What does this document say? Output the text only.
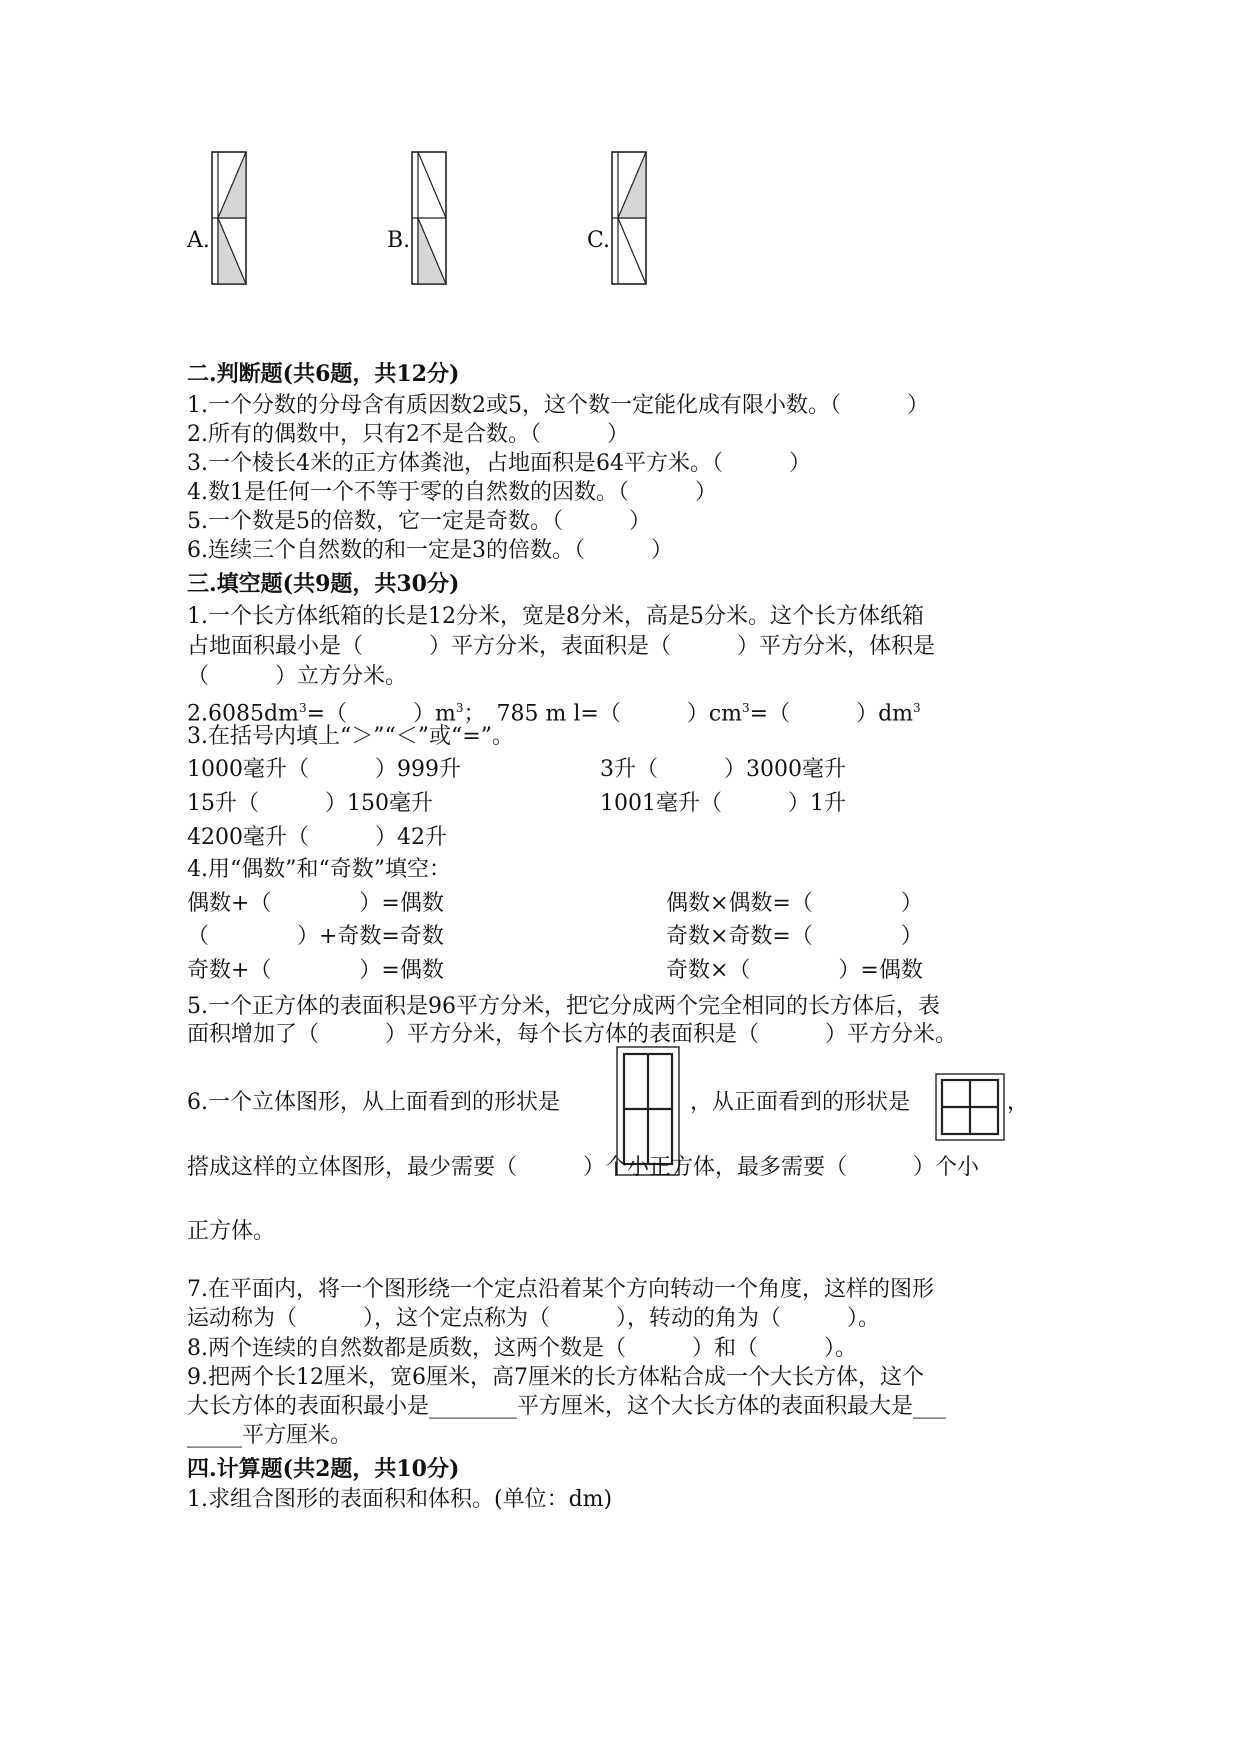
A.	B.	C.
二.判断题(共6题，共12分)
1.一个分数的分母含有质因数2或5，这个数一定能化成有限小数。（　　　）
2.所有的偶数中，只有2不是合数。（　　　）
3.一个棱长4米的正方体粪池，占地面积是64平方米。（　　　）
4.数1是任何一个不等于零的自然数的因数。（　　　）
5.一个数是5的倍数，它一定是奇数。（　　　）
6.连续三个自然数的和一定是3的倍数。（　　　）
三.填空题(共9题，共30分)
1.一个长方体纸箱的长是12分米，宽是8分米，高是5分米。这个长方体纸箱
占地面积最小是（　　　）平方分米，表面积是（　　　）平方分米，体积是
（　　　）立方分米。
$2.6085dm^3=$（　　　）$m^3$；　785 m l=（　　　）$cm^3=$（　　　）$dm^3$
3.在括号内填上“＞”“＜”或“=”。
1000毫升（　　　）999升	3升（　　　）3000毫升
15升（　　　）150毫升	1001毫升（　　　）1升
4200毫升（　　　）42升
4.用“偶数”和“奇数”填空：
偶数+（　　　　）=偶数	偶数×偶数=（　　　　）
（　　　　）+奇数=奇数	奇数×奇数=（　　　　）
奇数+（　　　　）=偶数	奇数×（　　　　）=偶数
5.一个正方体的表面积是96平方分米，把它分成两个完全相同的长方体后，表
面积增加了（　　　）平方分米，每个长方体的表面积是（　　　）平方分米。
6.一个立体图形，从上面看到的形状是	，从正面看到的形状是	，
搭成这样的立体图形，最少需要（　　　）个小正方体，最多需要（　　　）个小
正方体。
7.在平面内，将一个图形绕一个定点沿着某个方向转动一个角度，这样的图形
运动称为（　　　），这个定点称为（　　　），转动的角为（　　　）。
8.两个连续的自然数都是质数，这两个数是（　　　）和（　　　）。
9.把两个长12厘米，宽6厘米，高7厘米的长方体粘合成一个大长方体，这个
大长方体的表面积最小是________平方厘米，这个大长方体的表面积最大是___
_____平方厘米。
四.计算题(共2题，共10分)
1.求组合图形的表面积和体积。(单位：dm)
